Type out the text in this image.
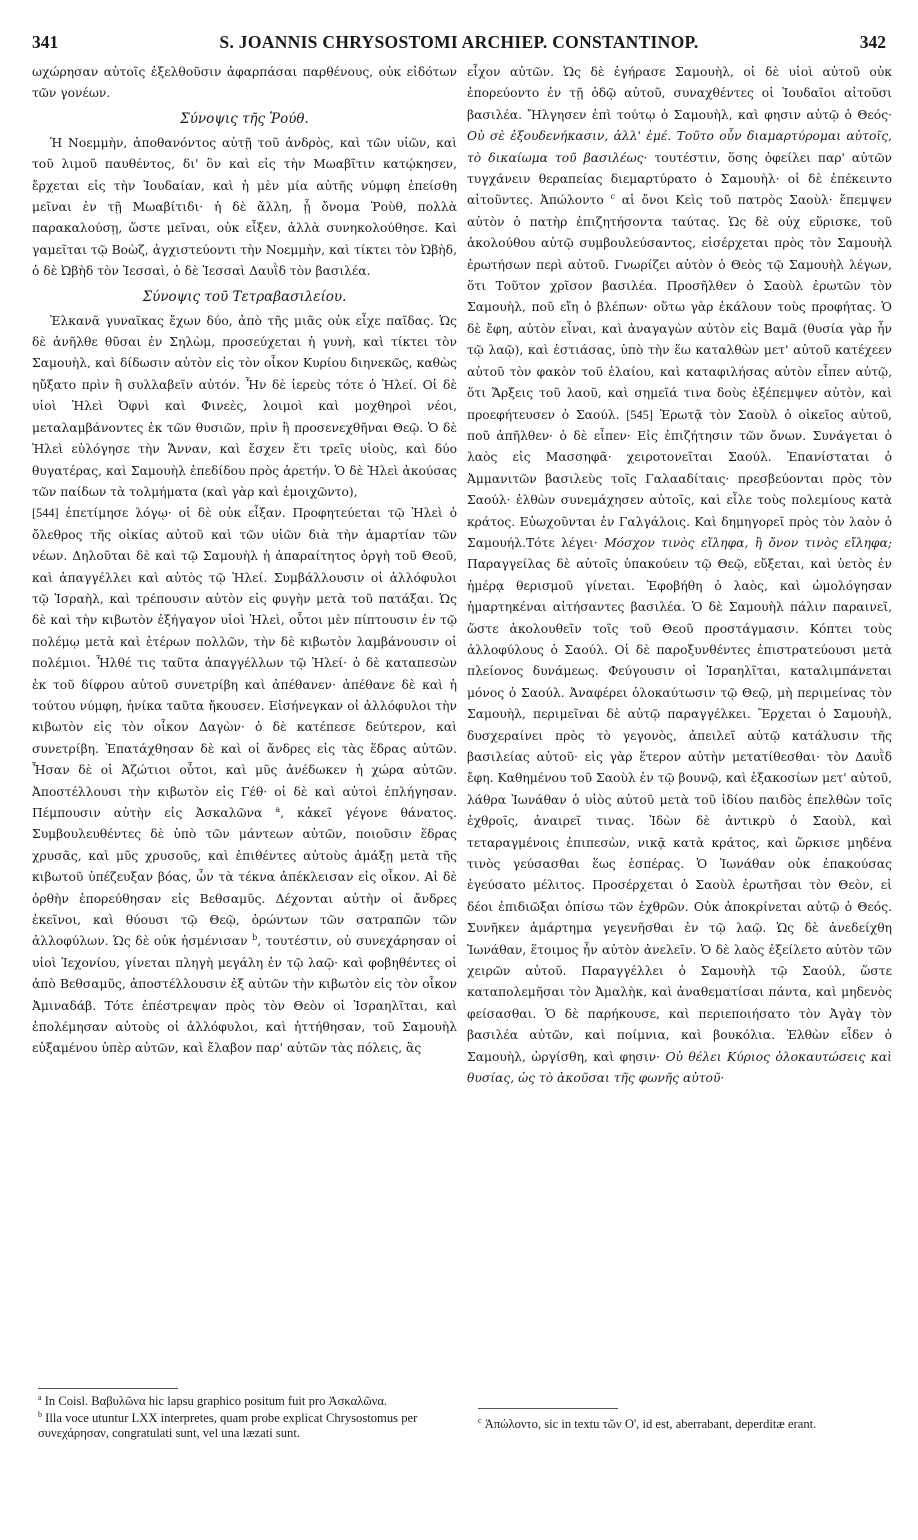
341	S. JOANNIS CHRYSOSTOMI ARCHIEP. CONSTANTINOP.	342

ωχώρησαν αὐτοῖς ἐξελθοῦσιν ἀφαρπάσαι παρθένους, οὐκ εἰδότων τῶν γονέων.

Σύνοψις τῆς Ῥούθ.

Ἡ Νοεμμὴν, ἀποθανόντος αὐτῇ τοῦ ἀνδρὸς, καὶ τῶν υἱῶν, καὶ τοῦ λιμοῦ παυθέντος, δι' ὃν καὶ εἰς τὴν Μωαβῖτιν κατῴκησεν, ἔρχεται εἰς τὴν Ἰουδαίαν, καὶ ἡ μὲν μία αὐτῆς νύμφη ἐπείσθη μεῖναι ἐν τῇ Μωαβίτιδι· ἡ δὲ ἄλλη, ᾗ ὄνομα Ῥοὺθ, πολλὰ παρακαλούσῃ, ὥστε μεῖναι, οὐκ εἶξεν, ἀλλὰ συνηκολούθησε. Καὶ γαμεῖται τῷ Βοὼζ, ἀγχιστεύοντι τὴν Νοεμμὴν, καὶ τίκτει τὸν Ὠβὴδ, ὁ δὲ Ὠβὴδ τὸν Ἰεσσαὶ, ὁ δὲ Ἰεσσαὶ Δαυῒδ τὸν βασιλέα.

Σύνοψις τοῦ Τετραβασιλείου.

Ἐλκανᾶ γυναῖκας ἔχων δύο, ἀπὸ τῆς μιᾶς οὐκ εἶχε παῖδας. Ὡς δὲ ἀνῆλθε θῦσαι ἐν Σηλὼμ, προσεύχεται ἡ γυνὴ, καὶ τίκτει τὸν Σαμουὴλ, καὶ δίδωσιν αὐτὸν εἰς τὸν οἶκον Κυρίου διηνεκῶς, καθὼς ηὔξατο πρὶν ἢ συλλαβεῖν αὐτόν. Ἦν δὲ ἱερεὺς τότε ὁ Ἠλεί. Οἱ δὲ υἱοὶ Ἠλεὶ Ὀφνὶ καὶ Φινεὲς, λοιμοὶ καὶ μοχθηροὶ νέοι, μεταλαμβάνοντες ἐκ τῶν θυσιῶν, πρὶν ἢ προσενεχθῆναι Θεῷ. Ὁ δὲ Ἠλεὶ εὐλόγησε τὴν Ἄνναν, καὶ ἔσχεν ἔτι τρεῖς υἱοὺς, καὶ δύο θυγατέρας, καὶ Σαμουὴλ ἐπεδίδου πρὸς ἀρετήν. Ὁ δὲ Ἠλεὶ ἀκούσας τῶν παίδων τὰ τολμήματα (καὶ γὰρ καὶ ἐμοιχῶντο),
[544] ἐπετίμησε λόγῳ· οἱ δὲ οὐκ εἶξαν. Προφητεύεται τῷ Ἠλεὶ ὁ ὄλεθρος τῆς οἰκίας αὐτοῦ καὶ τῶν υἱῶν διὰ τὴν ἁμαρτίαν τῶν νέων. Δηλοῦται δὲ καὶ τῷ Σαμουὴλ ἡ ἀπαραίτητος ὀργὴ τοῦ Θεοῦ, καὶ ἀπαγγέλλει καὶ αὐτὸς τῷ Ἠλεί. Συμβάλλουσιν οἱ ἀλλόφυλοι τῷ Ἰσραὴλ, καὶ τρέπουσιν αὐτὸν εἰς φυγὴν μετὰ τοῦ πατάξαι. Ὡς δὲ καὶ τὴν κιβωτὸν ἐξήγαγον υἱοὶ Ἠλεὶ, οὗτοι μὲν πίπτουσιν ἐν τῷ πολέμῳ μετὰ καὶ ἑτέρων πολλῶν, τὴν δὲ κιβωτὸν λαμβάνουσιν οἱ πολέμιοι. Ἦλθέ τις ταῦτα ἀπαγγέλλων τῷ Ἠλεί· ὁ δὲ καταπεσὼν ἐκ τοῦ δίφρου αὐτοῦ συνετρίβη καὶ ἀπέθανεν· ἀπέθανε δὲ καὶ ἡ τούτου νύμφη, ἡνίκα ταῦτα ἤκουσεν. Εἰσήνεγκαν οἱ ἀλλόφυλοι τὴν κιβωτὸν εἰς τὸν οἶκον Δαγὼν· ὁ δὲ κατέπεσε δεύτερον, καὶ συνετρίβη. Ἐπατάχθησαν δὲ καὶ οἱ ἄνδρες εἰς τὰς ἕδρας αὐτῶν. Ἦσαν δὲ οἱ Ἀζώτιοι οὗτοι, καὶ μῦς ἀνέδωκεν ἡ χώρα αὐτῶν. Ἀποστέλλουσι τὴν κιβωτὸν εἰς Γέθ· οἱ δὲ καὶ αὐτοὶ ἐπλήγησαν. Πέμπουσιν αὐτὴν εἰς Ἀσκαλῶνα $^a$, κἀκεῖ γέγονε θάνατος. Συμβουλευθέντες δὲ ὑπὸ τῶν μάντεων αὐτῶν, ποιοῦσιν ἕδρας χρυσᾶς, καὶ μῦς χρυσοῦς, καὶ ἐπιθέντες αὐτοὺς ἁμάξῃ μετὰ τῆς κιβωτοῦ ὑπέζευξαν βόας, ὧν τὰ τέκνα ἀπέκλεισαν εἰς οἶκον. Αἱ δὲ ὀρθὴν ἐπορεύθησαν εἰς Βεθσαμῦς. Δέχονται αὐτὴν οἱ ἄνδρες ἐκεῖνοι, καὶ θύουσι τῷ Θεῷ, ὁρώντων τῶν σατραπῶν τῶν ἀλλοφύλων. Ὡς δὲ οὐκ ἠσμένισαν $^b$, τουτέστιν, οὐ συνεχάρησαν οἱ υἱοὶ Ἰεχονίου, γίνεται πληγὴ μεγάλη ἐν τῷ λαῷ· καὶ φοβηθέντες οἱ ἀπὸ Βεθσαμῦς, ἀποστέλλουσιν ἐξ αὐτῶν τὴν κιβωτὸν εἰς τὸν οἶκον Ἀμιναδάβ. Τότε ἐπέστρεψαν πρὸς τὸν Θεὸν οἱ Ἰσραηλῖται, καὶ ἐπολέμησαν αὐτοὺς οἱ ἀλλόφυλοι, καὶ ἡττήθησαν, τοῦ Σαμουὴλ εὐξαμένου ὑπὲρ αὐτῶν, καὶ ἔλαβον παρ' αὐτῶν τὰς πόλεις, ἃς

εἶχον αὐτῶν. Ὡς δὲ ἐγήρασε Σαμουὴλ, οἱ δὲ υἱοὶ αὐτοῦ οὐκ ἐπορεύοντο ἐν τῇ ὁδῷ αὐτοῦ, συναχθέντες οἱ Ἰουδαῖοι αἰτοῦσι βασιλέα. Ἤλγησεν ἐπὶ τούτῳ ὁ Σαμουὴλ, καὶ φησιν αὐτῷ ὁ Θεός· Οὐ σὲ ἐξουδενήκασιν, ἀλλ' ἐμέ. Τοῦτο οὖν διαμαρτύρομαι αὐτοῖς, τὸ δικαίωμα τοῦ βασιλέως· τουτέστιν, ὅσης ὀφείλει παρ' αὐτῶν τυγχάνειν θεραπείας διεμαρτύρατο ὁ Σαμουὴλ· οἱ δὲ ἐπέκειντο αἰτοῦντες. Ἀπώλοντο $^c$ αἱ ὄνοι Κεὶς τοῦ πατρὸς Σαοὺλ· ἔπεμψεν αὐτὸν ὁ πατὴρ ἐπιζητήσοντα ταύτας. Ὡς δὲ οὐχ εὕρισκε, τοῦ ἀκολούθου αὐτῷ συμβουλεύσαντος, εἰσέρχεται πρὸς τὸν Σαμουὴλ ἐρωτήσων περὶ αὐτοῦ. Γνωρίζει αὐτὸν ὁ Θεὸς τῷ Σαμουὴλ λέγων, ὅτι Τοῦτον χρῖσον βασιλέα. Προσῆλθεν ὁ Σαοὺλ ἐρωτῶν τὸν Σαμουὴλ, ποῦ εἴη ὁ βλέπων· οὕτω γὰρ ἐκάλουν τοὺς προφήτας. Ὁ δὲ ἔφη, αὐτὸν εἶναι, καὶ ἀναγαγὼν αὐτὸν εἰς Βαμᾶ (θυσία γὰρ ἦν τῷ λαῷ), καὶ ἑστιάσας, ὑπὸ τὴν ἕω καταλθὼν μετ' αὐτοῦ κατέχεεν αὐτοῦ τὸν φακὸν τοῦ ἐλαίου, καὶ καταφιλήσας αὐτὸν εἶπεν αὐτῷ, ὅτι Ἄρξεις τοῦ λαοῦ, καὶ σημεῖά τινα δοὺς ἐξέπεμψεν αὐτὸν, καὶ προεφήτευσεν ὁ Σαούλ. [545] Ἐρωτᾷ τὸν Σαοὺλ ὁ οἰκεῖος αὐτοῦ, ποῦ ἀπῆλθεν· ὁ δὲ εἶπεν· Εἰς ἐπιζήτησιν τῶν ὄνων. Συνάγεται ὁ λαὸς εἰς Μασσηφᾶ· χειροτονεῖται Σαούλ. Ἐπανίσταται ὁ Ἀμμανιτῶν βασιλεὺς τοῖς Γαλααδίταις· πρεσβεύονται πρὸς τὸν Σαούλ· ἐλθὼν συνεμάχησεν αὐτοῖς, καὶ εἷλε τοὺς πολεμίους κατὰ κράτος. Εὐωχοῦνται ἐν Γαλγάλοις. Καὶ δημηγορεῖ πρὸς τὸν λαὸν ὁ Σαμουήλ.Τότε λέγει· Μόσχον τινὸς εἴληφα, ἢ ὄνον τινὸς εἴληφα; Παραγγείλας δὲ αὐτοῖς ὑπακούειν τῷ Θεῷ, εὔξεται, καὶ ὑετὸς ἐν ἡμέρᾳ θερισμοῦ γίνεται. Ἐφοβήθη ὁ λαὸς, καὶ ὡμολόγησαν ἡμαρτηκέναι αἰτήσαντες βασιλέα. Ὁ δὲ Σαμουὴλ πάλιν παραινεῖ, ὥστε ἀκολουθεῖν τοῖς τοῦ Θεοῦ προστάγμασιν. Κόπτει τοὺς ἀλλοφύλους ὁ Σαούλ. Οἱ δὲ παροξυνθέντες ἐπιστρατεύουσι μετὰ πλείονος δυνάμεως. Φεύγουσιν οἱ Ἰσραηλῖται, καταλιμπάνεται μόνος ὁ Σαούλ. Ἀναφέρει ὁλοκαύτωσιν τῷ Θεῷ, μὴ περιμείνας τὸν Σαμουὴλ, περιμεῖναι δὲ αὐτῷ παραγγέλκει. Ἔρχεται ὁ Σαμουὴλ, δυσχεραίνει πρὸς τὸ γεγονὸς, ἀπειλεῖ αὐτῷ κατάλυσιν τῆς βασιλείας αὐτοῦ· εἰς γὰρ ἕτερον αὐτὴν μετατίθεσθαι· τὸν Δαυῒδ ἔφη. Καθημένου τοῦ Σαοὺλ ἐν τῷ βουνῷ, καὶ ἑξακοσίων μετ' αὐτοῦ, λάθρα Ἰωνάθαν ὁ υἱὸς αὐτοῦ μετὰ τοῦ ἰδίου παιδὸς ἐπελθὼν τοῖς ἐχθροῖς, ἀναιρεῖ τινας. Ἰδὼν δὲ ἀντικρὺ ὁ Σαοὺλ, καὶ τεταραγμένοις ἐπιπεσὼν, νικᾷ κατὰ κράτος, καὶ ὥρκισε μηδένα τινὸς γεύσασθαι ἕως ἑσπέρας. Ὁ Ἰωνάθαν οὐκ ἐπακούσας ἐγεύσατο μέλιτος. Προσέρχεται ὁ Σαοὺλ ἐρωτῆσαι τὸν Θεὸν, εἰ δέοι ἐπιδιῶξαι ὀπίσω τῶν ἐχθρῶν. Οὐκ ἀποκρίνεται αὐτῷ ὁ Θεός. Συνῆκεν ἁμάρτημα γεγενῆσθαι ἐν τῷ λαῷ. Ὡς δὲ ἀνεδείχθη Ἰωνάθαν, ἕτοιμος ἦν αὐτὸν ἀνελεῖν. Ὁ δὲ λαὸς ἐξείλετο αὐτὸν τῶν χειρῶν αὐτοῦ. Παραγγέλλει ὁ Σαμουὴλ τῷ Σαούλ, ὥστε καταπολεμῆσαι τὸν Ἀμαλὴκ, καὶ ἀναθεματίσαι πάντα, καὶ μηδενὸς φείσασθαι. Ὁ δὲ παρήκουσε, καὶ περιεποιήσατο τὸν Ἀγὰγ τὸν βασιλέα αὐτῶν, καὶ ποίμνια, καὶ βουκόλια. Ἐλθὼν εἶδεν ὁ Σαμουὴλ, ὠργίσθη, καὶ φησιν· Οὐ θέλει Κύριος ὁλοκαυτώσεις καὶ θυσίας, ὡς τὸ ἀκοῦσαι τῆς φωνῆς αὐτοῦ·

$^a$ In Coisl. Βαβυλῶνα hic lapsu graphico positum fuit pro Ἀσκαλῶνα.

$^b$ Illa voce utuntur LXX interpretes, quam probe explicat Chrysostomus per συνεχάρησαν, congratulati sunt, vel una læzati sunt.

$^c$ Ἀπώλοντο, sic in textu τῶν Ο', id est, aberrabant, deperditæ erant.
